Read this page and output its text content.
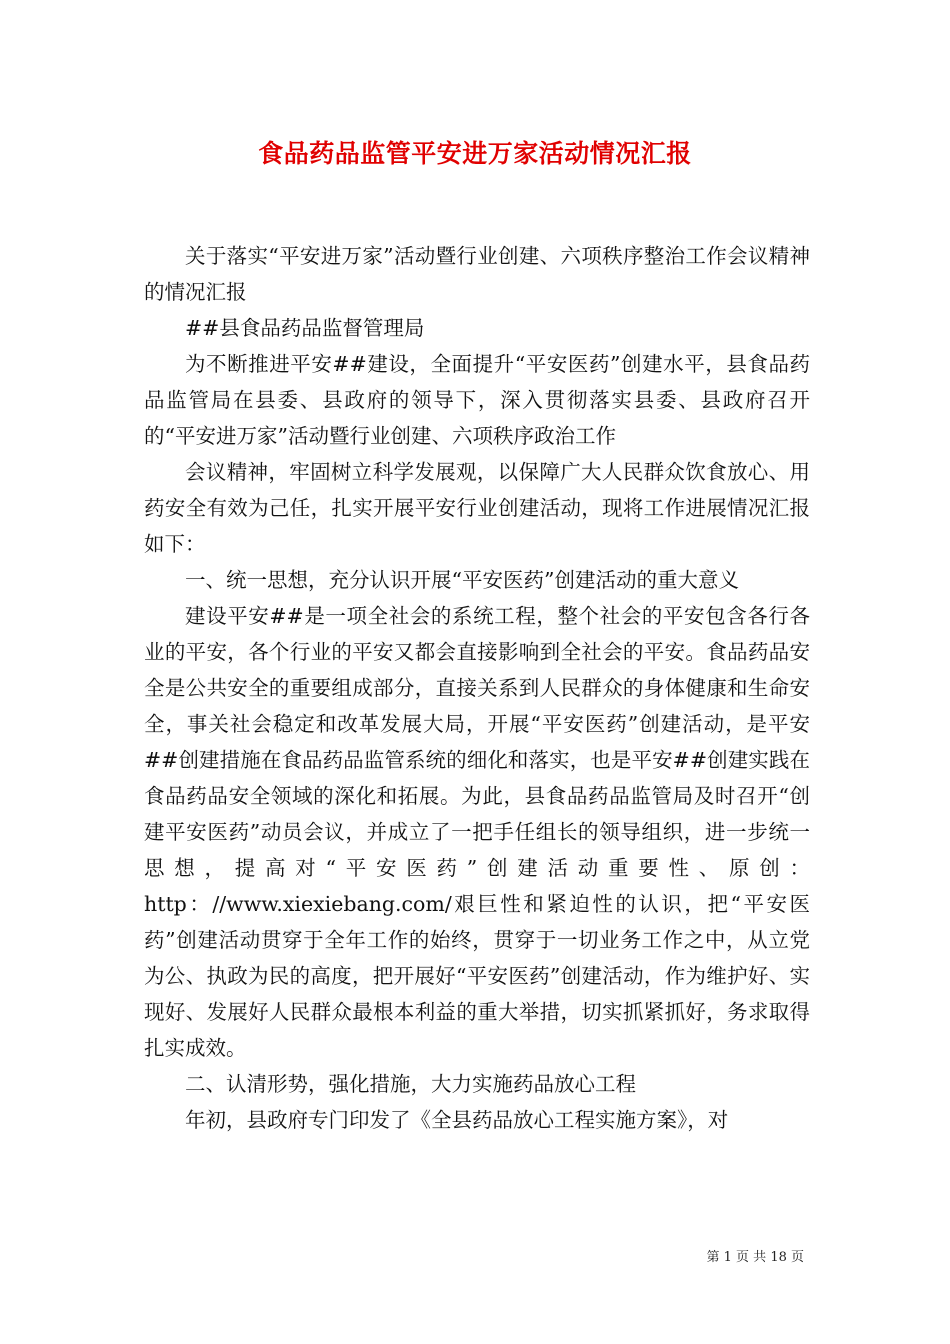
食品药品监管平安进万家活动情况汇报

关于落实“平安进万家”活动暨行业创建、六项秩序整治工作会议精神的情况汇报

##县食品药品监督管理局

为不断推进平安##建设，全面提升“平安医药”创建水平，县食品药品监管局在县委、县政府的领导下，深入贯彻落实县委、县政府召开的“平安进万家”活动暨行业创建、六项秩序政治工作

会议精神，牢固树立科学发展观，以保障广大人民群众饮食放心、用药安全有效为己任，扎实开展平安行业创建活动，现将工作进展情况汇报如下：

一、统一思想，充分认识开展“平安医药”创建活动的重大意义

建设平安##是一项全社会的系统工程，整个社会的平安包含各行各业的平安，各个行业的平安又都会直接影响到全社会的平安。食品药品安全是公共安全的重要组成部分，直接关系到人民群众的身体健康和生命安全，事关社会稳定和改革发展大局，开展“平安医药”创建活动，是平安##创建措施在食品药品监管系统的细化和落实，也是平安##创建实践在食品药品安全领域的深化和拓展。为此，县食品药品监管局及时召开“创建平安医药”动员会议，并成立了一把手任组长的领导组织，进一步统一思想，提高对“平安医药”创建活动重要性、原创：http：//www.xiexiebang.com/艰巨性和紧迫性的认识，把“平安医药”创建活动贯穿于全年工作的始终，贯穿于一切业务工作之中，从立党为公、执政为民的高度，把开展好“平安医药”创建活动，作为维护好、实现好、发展好人民群众最根本利益的重大举措，切实抓紧抓好，务求取得扎实成效。

二、认清形势，强化措施，大力实施药品放心工程

年初，县政府专门印发了《全县药品放心工程实施方案》，对

第 1 页 共 18 页
